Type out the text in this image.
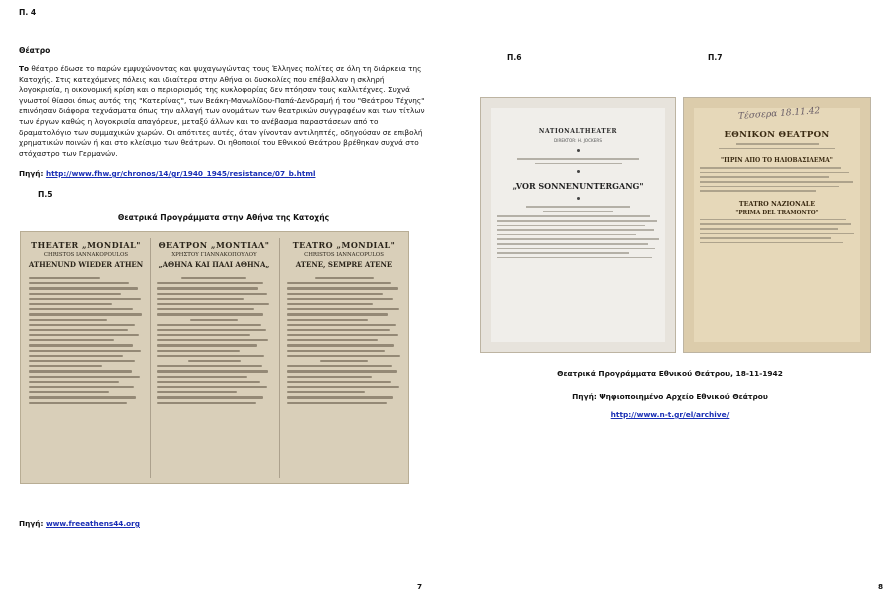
Π. 4
Θέατρο
Το θέατρο έδωσε το παρών εμψυχώνοντας και ψυχαγωγώντας τους Έλληνες πολίτες σε όλη τη διάρκεια της Κατοχής. Στις κατεχόμενες πόλεις και ιδιαίτερα στην Αθήνα οι δυσκολίες που επέβαλλαν η σκληρή λογοκρισία, η οικονομική κρίση και ο περιορισμός της κυκλοφορίας δεν πτόησαν τους καλλιτέχνες. Συχνά γνωστοί θίασοι όπως αυτός της "Κατερίνας", των Βεάκη-Μανωλίδου-Παπά-Δενδραμή ή του "Θεάτρου Τέχνης" επινόησαν διάφορα τεχνάσματα όπως την αλλαγή των ονομάτων των θεατρικών συγγραφέων και των τίτλων των έργων καθώς η λογοκρισία απαγόρευε, μεταξύ άλλων και το ανέβασμα παραστάσεων από το δραματολόγιο των συμμαχικών χωρών. Οι απότιτες αυτές, όταν γίνονταν αντιληπτές, οδηγούσαν σε επιβολή χρηματικών ποινών ή και στο κλείσιμο των θεάτρων. Οι ηθοποιοί του Εθνικού Θεάτρου βρέθηκαν συχνά στο στόχαστρο των Γερμανών.
Πηγή: http://www.fhw.gr/chronos/14/gr/1940_1945/resistance/07_b.html
Π.5
Θεατρικά Προγράμματα στην Αθήνα της Κατοχής
THEATER „MONDIAL"
CHRISTOS ΙΑΝΝΑΚΟPOULOS
ATHENUND WIEDER ATHEN
ΘΕΑΤΡΟΝ „ΜΟΝΤΙΑΛ"
ΧΡΗΣΤΟΥ ΓΙΑΝΝΑΚΟΠΟΥΛΟΥ
„ΑΘΗΝΑ ΚΑΙ ΠΑΛΙ ΑΘΗΝΑ„
TEATRO „MONDIAL"
CHRISTOS IANNACOPULOS
ATENE, SEMPRE ATENE
Πηγή: www.freeathens44.org
7
Π.6	Π.7
NATIONALTHEATER
DIREKTOR: H. JOCKERS
„VOR SONNENUNTERGANG"
Τέσσερα 18.11.42
ΕΘΝΙΚΟΝ ΘΕΑΤΡΟΝ
"ΠΡΙΝ ΑΠΟ ΤΟ ΗΛΙΟΒΑΣΙΛΕΜΑ"
TEATRO NAZIONALE
"PRIMA DEL TRAMONTO"
Θεατρικά Προγράμματα Εθνικού Θεάτρου, 18-11-1942
Πηγή: Ψηφιοποιημένο Αρχείο Εθνικού Θεάτρου
http://www.n-t.gr/el/archive/
8
